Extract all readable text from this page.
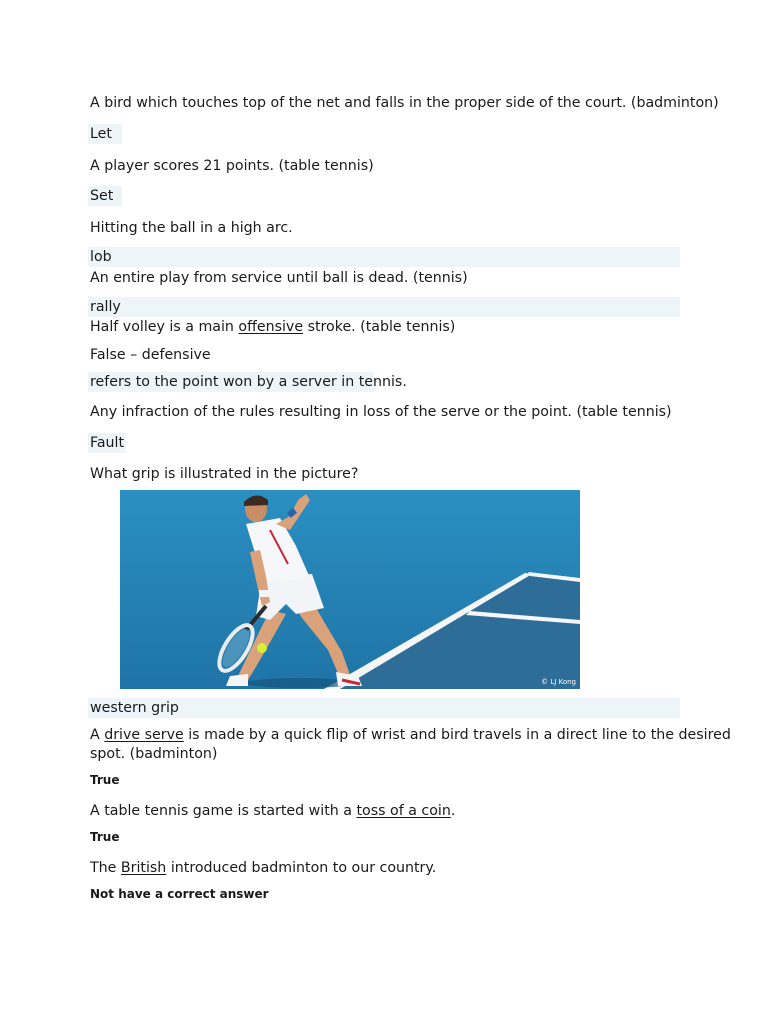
A bird which touches top of the net and falls in the proper side of the court. (badminton)
Let
A player scores 21 points. (table tennis)
Set
Hitting the ball in a high arc.
lob
An entire play from service until ball is dead. (tennis)
rally
Half volley is a main offensive stroke. (table tennis)
False – defensive
refers to the point won by a server in tennis.
Any infraction of the rules resulting in loss of the serve or the point. (table tennis)
Fault
What grip is illustrated in the picture?
© LJ Kong
western grip
A drive serve is made by a quick flip of wrist and bird travels in a direct line to the desired
spot. (badminton)
True
A table tennis game is started with a toss of a coin.
True
The British introduced badminton to our country.
Not have a correct answer
